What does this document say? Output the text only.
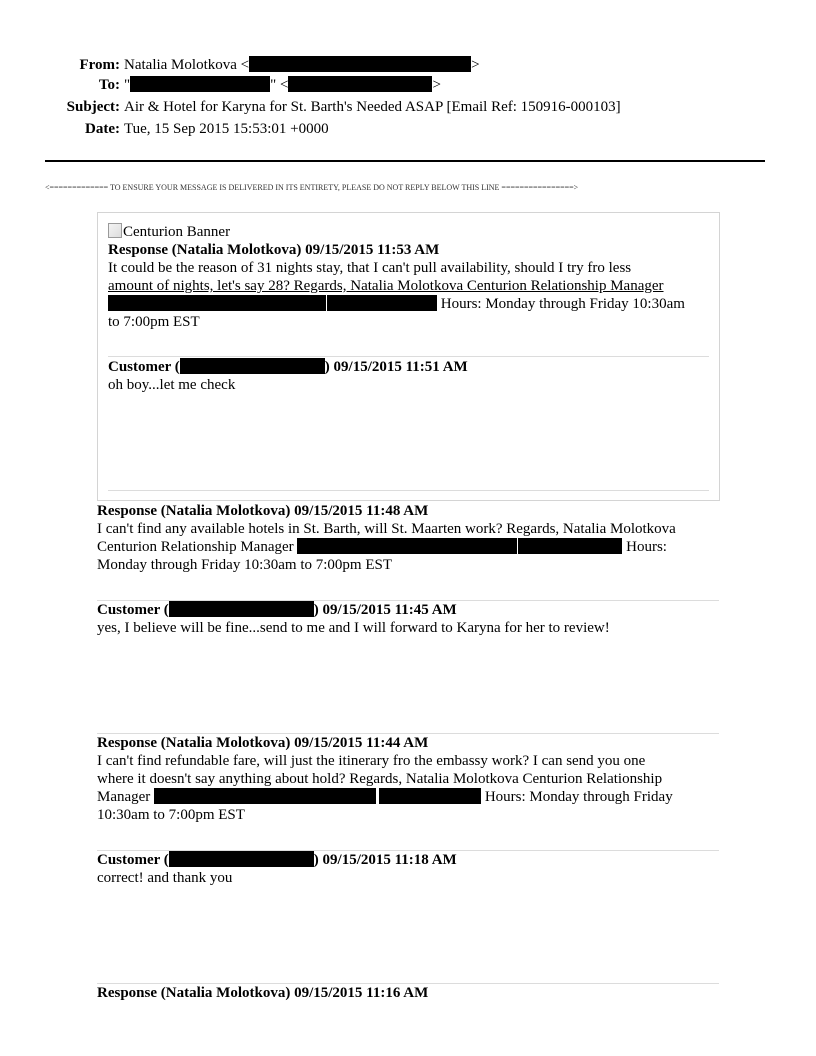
From: Natalia Molotkova <	>
To: "	" <	>
Subject: Air & Hotel for Karyna for St. Barth's Needed ASAP [Email Ref: 150916-000103]
Date: Tue, 15 Sep 2015 15:53:01 +0000
<============= TO ENSURE YOUR MESSAGE IS DELIVERED IN ITS ENTIRETY, PLEASE DO NOT REPLY BELOW THIS LINE ================>
Centurion Banner
Response (Natalia Molotkova) 09/15/2015 11:53 AM
It could be the reason of 31 nights stay, that I can't pull availability, should I try fro less
amount of nights, let's say 28? Regards, Natalia Molotkova Centurion Relationship Manager
Hours: Monday through Friday 10:30am
to 7:00pm EST
Customer (	) 09/15/2015 11:51 AM
oh boy...let me check
Response (Natalia Molotkova) 09/15/2015 11:48 AM
I can't find any available hotels in St. Barth, will St. Maarten work? Regards, Natalia Molotkova
Centurion Relationship Manager	Hours:
Monday through Friday 10:30am to 7:00pm EST
Customer (	) 09/15/2015 11:45 AM
yes, I believe will be fine...send to me and I will forward to Karyna for her to review!
Response (Natalia Molotkova) 09/15/2015 11:44 AM
I can't find refundable fare, will just the itinerary fro the embassy work? I can send you one
where it doesn't say anything about hold? Regards, Natalia Molotkova Centurion Relationship
Manager	Hours: Monday through Friday
10:30am to 7:00pm EST
Customer (	) 09/15/2015 11:18 AM
correct! and thank you
Response (Natalia Molotkova) 09/15/2015 11:16 AM
